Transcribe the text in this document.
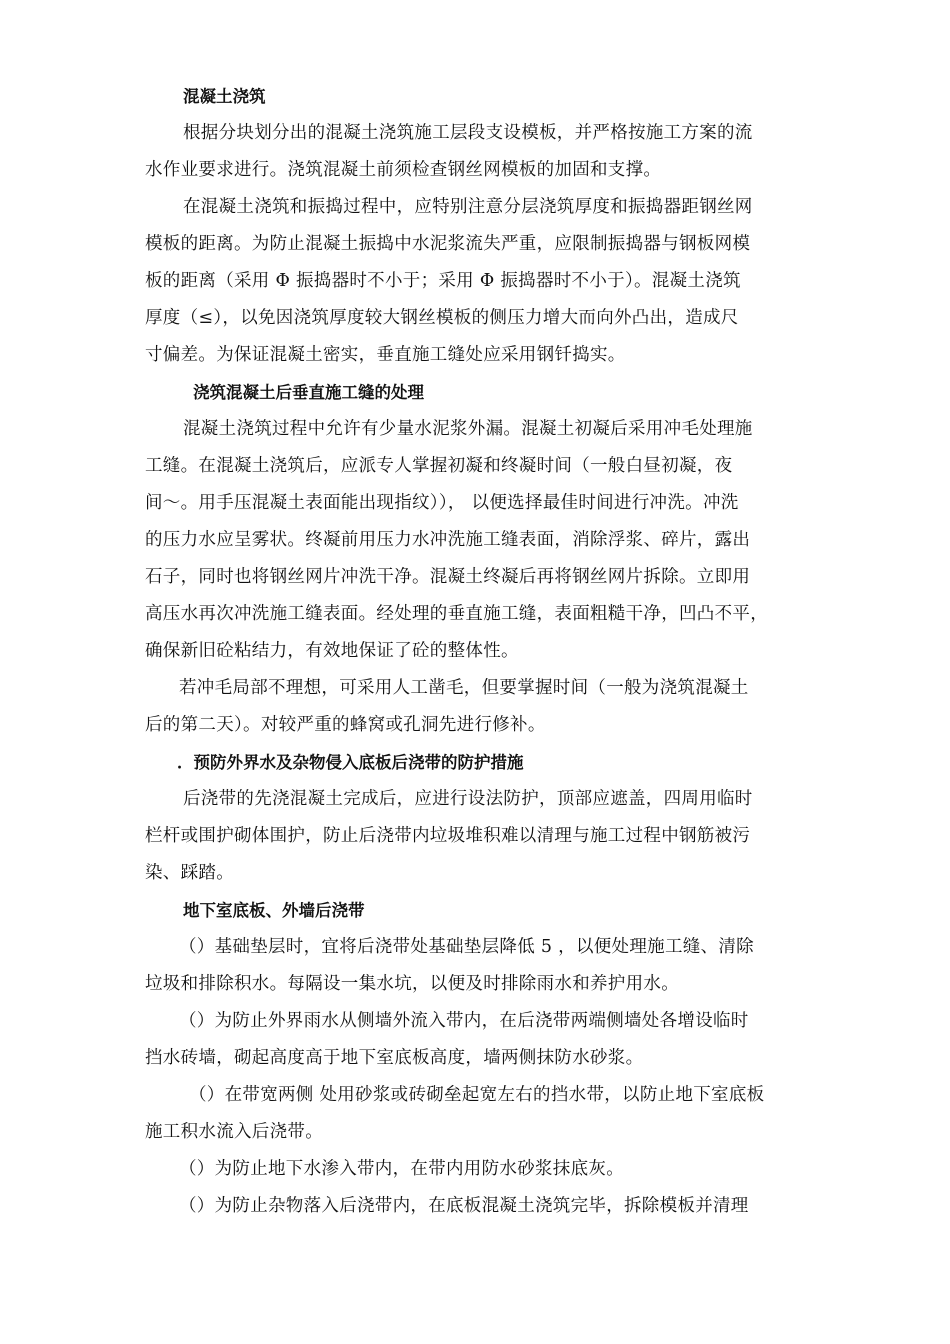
混凝土浇筑

根据分块划分出的混凝土浇筑施工层段支设模板，并严格按施工方案的流
水作业要求进行。浇筑混凝土前须检查钢丝网模板的加固和支撑。

在混凝土浇筑和振捣过程中，应特别注意分层浇筑厚度和振捣器距钢丝网
模板的距离。为防止混凝土振捣中水泥浆流失严重，应限制振捣器与钢板网模
板的距离（采用 Φ 振捣器时不小于；采用 Φ 振捣器时不小于）。混凝土浇筑
厚度（≤），以免因浇筑厚度较大钢丝模板的侧压力增大而向外凸出，造成尺
寸偏差。为保证混凝土密实，垂直施工缝处应采用钢钎捣实。

浇筑混凝土后垂直施工缝的处理

混凝土浇筑过程中允许有少量水泥浆外漏。混凝土初凝后采用冲毛处理施
工缝。在混凝土浇筑后，应派专人掌握初凝和终凝时间（一般白昼初凝，夜
间～。用手压混凝土表面能出现指纹））， 以便选择最佳时间进行冲洗。冲洗
的压力水应呈雾状。终凝前用压力水冲洗施工缝表面，消除浮浆、碎片，露出
石子，同时也将钢丝网片冲洗干净。混凝土终凝后再将钢丝网片拆除。立即用
高压水再次冲洗施工缝表面。经处理的垂直施工缝，表面粗糙干净，凹凸不平，
确保新旧砼粘结力，有效地保证了砼的整体性。

若冲毛局部不理想，可采用人工凿毛，但要掌握时间（一般为浇筑混凝土
后的第二天）。对较严重的蜂窝或孔洞先进行修补。

．预防外界水及杂物侵入底板后浇带的防护措施

后浇带的先浇混凝土完成后，应进行设法防护，顶部应遮盖，四周用临时
栏杆或围护砌体围护，防止后浇带内垃圾堆积难以清理与施工过程中钢筋被污
染、踩踏。

地下室底板、外墙后浇带

（）基础垫层时，宜将后浇带处基础垫层降低 5 ，以便处理施工缝、清除
垃圾和排除积水。每隔设一集水坑，以便及时排除雨水和养护用水。

（）为防止外界雨水从侧墙外流入带内，在后浇带两端侧墙处各增设临时
挡水砖墙，砌起高度高于地下室底板高度，墙两侧抹防水砂浆。

（）在带宽两侧 处用砂浆或砖砌垒起宽左右的挡水带，以防止地下室底板
施工积水流入后浇带。

（）为防止地下水渗入带内，在带内用防水砂浆抹底灰。

（）为防止杂物落入后浇带内，在底板混凝土浇筑完毕，拆除模板并清理
